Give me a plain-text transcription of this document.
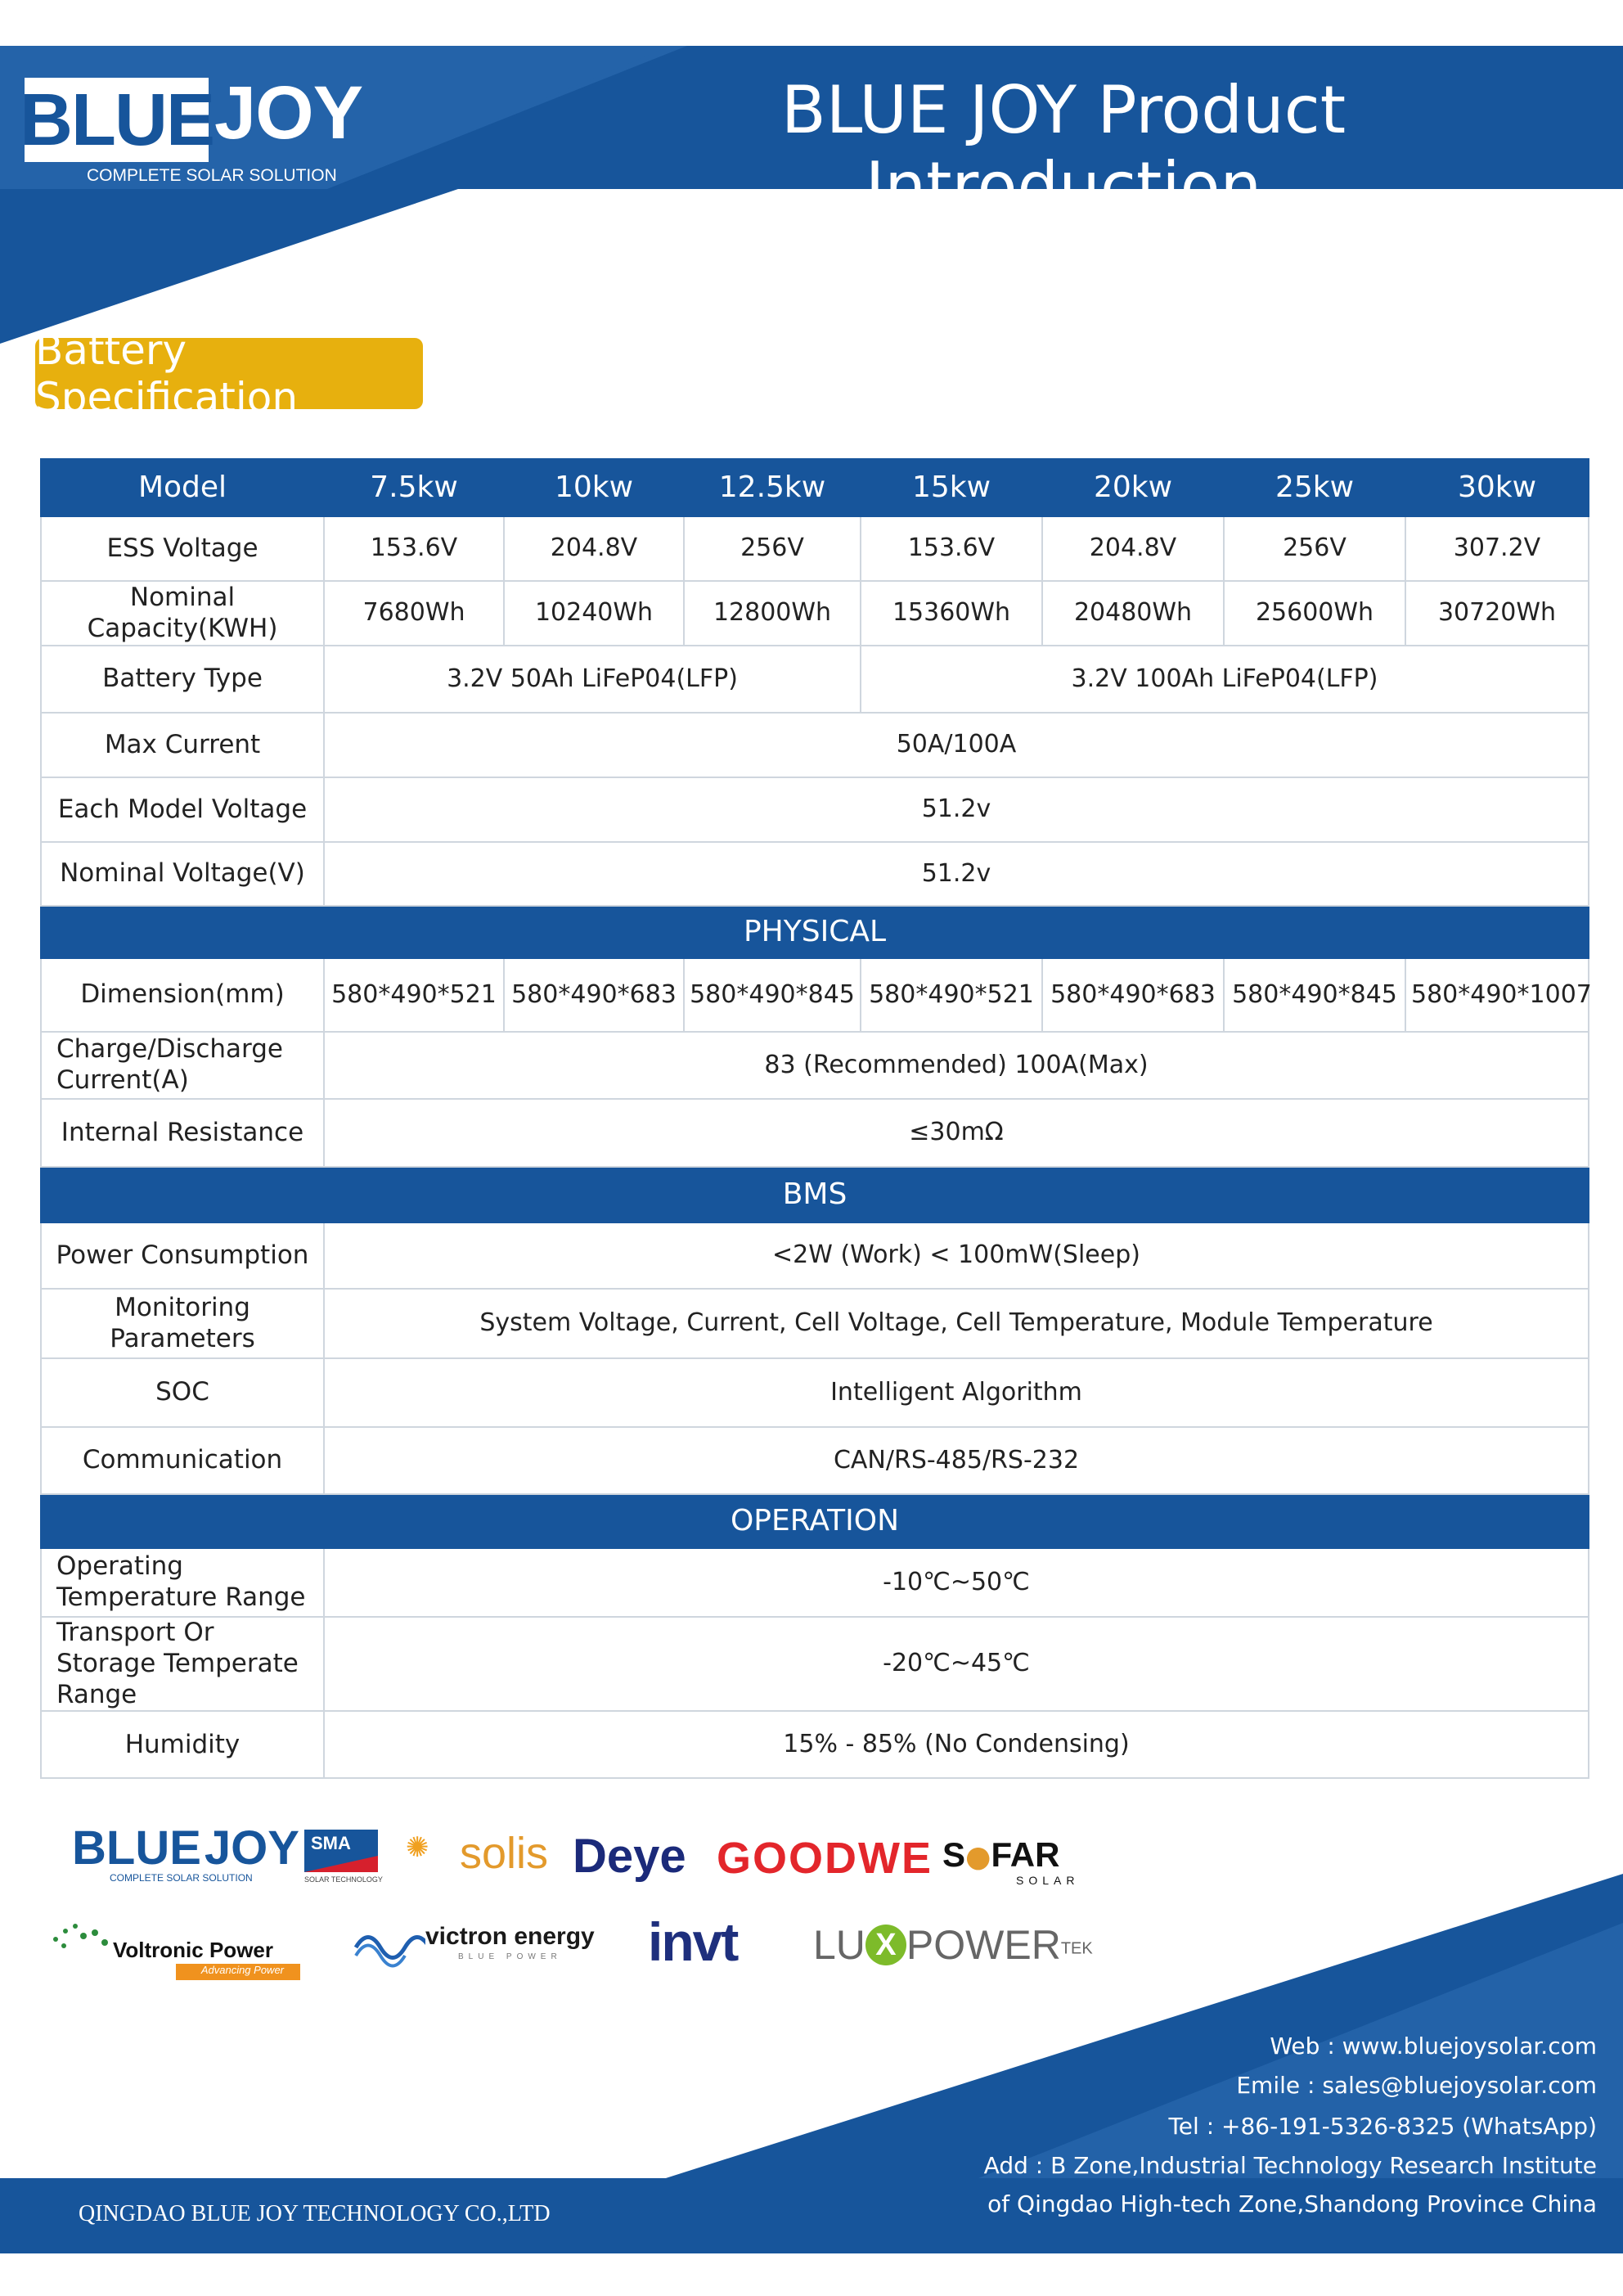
BLUE JOY
COMPLETE SOLAR SOLUTION
BLUE JOY Product Introduction
Battery Specification
Model	7.5kw	10kw	12.5kw	15kw	20kw	25kw	30kw
ESS Voltage	153.6V	204.8V	256V	153.6V	204.8V	256V	307.2V
Nominal Capacity(KWH)	7680Wh	10240Wh	12800Wh	15360Wh	20480Wh	25600Wh	30720Wh
Battery Type	3.2V 50Ah LiFeP04(LFP)			3.2V 100Ah LiFeP04(LFP)			
Max Current	50A/100A						
Each Model Voltage	51.2v						
Nominal Voltage(V)	51.2v						
PHYSICAL							
Dimension(mm)	580*490*521	580*490*683	580*490*845	580*490*521	580*490*683	580*490*845	580*490*1007
Charge/Discharge Current(A)	83 (Recommended) 100A(Max)						
Internal Resistance	≤30mΩ						
BMS							
Power Consumption	<2W (Work) < 100mW(Sleep)						
Monitoring Parameters	System Voltage, Current, Cell Voltage, Cell Temperature, Module Temperature						
SOC	Intelligent Algorithm						
Communication	CAN/RS-485/RS-232						
OPERATION							
Operating Temperature Range	-10℃~50℃						
Transport Or Storage Temperate Range	-20℃~45℃						
Humidity	15% - 85% (No Condensing)						
BLUEJOY
COMPLETE SOLAR SOLUTION
SMA
SOLAR TECHNOLOGY
✺ solis Deye GOODWE S●FAR
SOLAR
Voltronic Power
Advancing Power
victron energy
BLUE POWER invt LU X $POWER^{TEK}$
Web : www.bluejoysolar.com
Emile : sales@bluejoysolar.com
Tel : +86-191-5326-8325 (WhatsApp)
Add : B Zone,Industrial Technology Research Institute
of Qingdao High-tech Zone,Shandong Province China
QINGDAO BLUE JOY TECHNOLOGY CO.,LTD
